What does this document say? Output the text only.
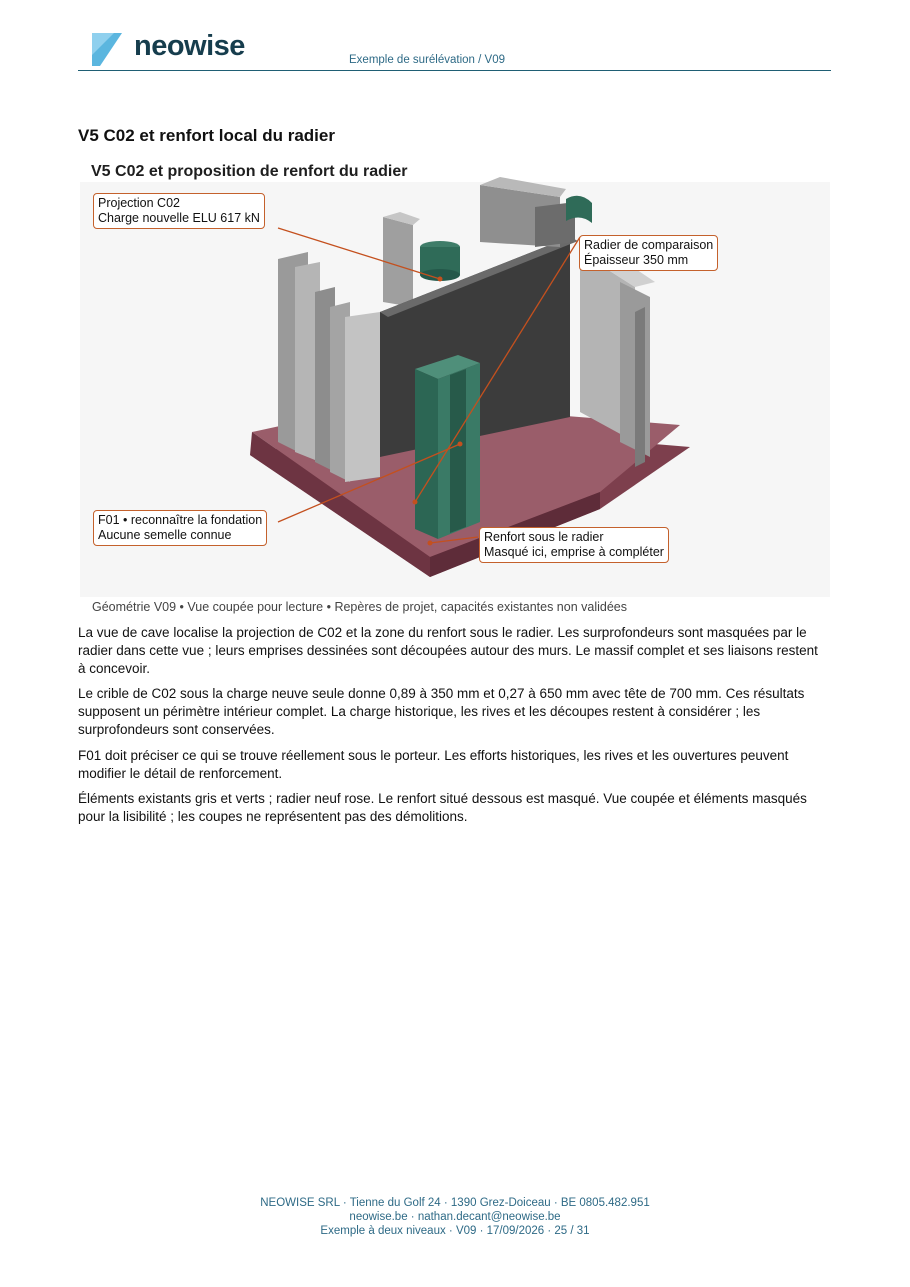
neowise	Exemple de surélévation / V09
V5 C02 et renfort local du radier
V5 C02 et proposition de renfort du radier
Projection C02
Charge nouvelle ELU 617 kN
Radier de comparaison
Épaisseur 350 mm
F01 • reconnaître la fondation
Aucune semelle connue	Renfort sous le radier
Masqué ici, emprise à compléter
Géométrie V09 • Vue coupée pour lecture • Repères de projet, capacités existantes non validées

La vue de cave localise la projection de C02 et la zone du renfort sous le radier. Les surprofondeurs sont masquées par le radier dans cette vue ; leurs emprises dessinées sont découpées autour des murs. Le massif complet et ses liaisons restent à concevoir.

Le crible de C02 sous la charge neuve seule donne 0,89 à 350 mm et 0,27 à 650 mm avec tête de 700 mm. Ces résultats supposent un périmètre intérieur complet. La charge historique, les rives et les découpes restent à considérer ; les surprofondeurs sont conservées.

F01 doit préciser ce qui se trouve réellement sous le porteur. Les efforts historiques, les rives et les ouvertures peuvent modifier le détail de renforcement.

Éléments existants gris et verts ; radier neuf rose. Le renfort situé dessous est masqué. Vue coupée et éléments masqués pour la lisibilité ; les coupes ne représentent pas des démolitions.

NEOWISE SRL · Tienne du Golf 24 · 1390 Grez-Doiceau · BE 0805.482.951
neowise.be · nathan.decant@neowise.be
Exemple à deux niveaux · V09 · 17/09/2026 · 25 / 31
